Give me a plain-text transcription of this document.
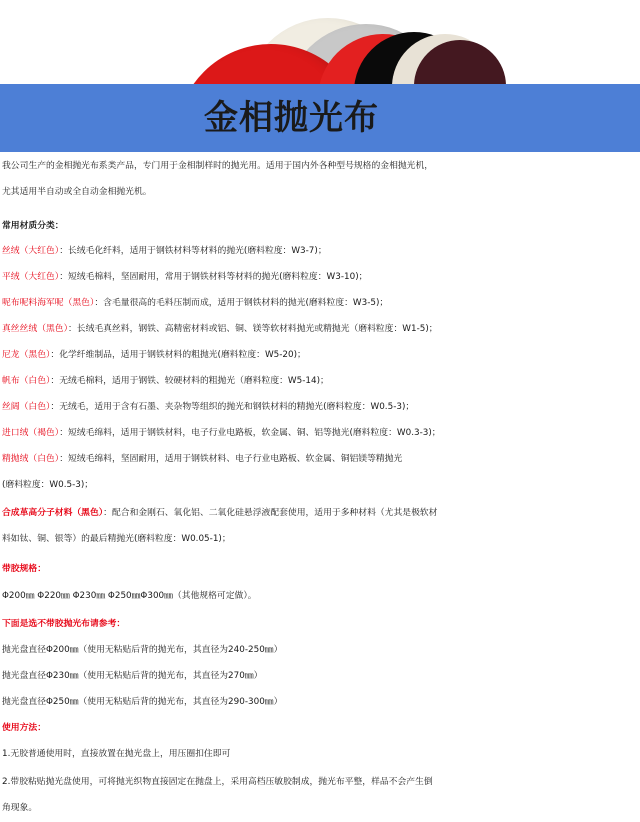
金相抛光布
我公司生产的金相抛光布系类产品，专门用于金相制样时的抛光用。适用于国内外各种型号规格的金相抛光机，
尤其适用半自动或全自动金相抛光机。
常用材质分类：
丝绒（大红色）：长绒毛化纤料，适用于钢铁材料等材料的抛光(磨料粒度：W3-7)；
平绒（大红色）：短绒毛棉料，坚固耐用，常用于钢铁材料等材料的抛光(磨料粒度：W3-10)；
呢布呢料海军呢（黑色）：含毛量很高的毛料压制而成，适用于钢铁材料的抛光(磨料粒度：W3-5)；
真丝丝绒（黑色）：长绒毛真丝料，钢铁、高精密材料或铝、铜、镁等软材料抛光或精抛光（磨料粒度：W1-5)；
尼龙（黑色）：化学纤维制品，适用于钢铁材料的粗抛光(磨料粒度：W5-20)；
帆布（白色）：无绒毛棉料，适用于钢铁、较硬材料的粗抛光（磨料粒度：W5-14)；
丝阔（白色）：无绒毛，适用于含有石墨、夹杂物等组织的抛光和钢铁材料的精抛光(磨料粒度：W0.5-3)；
进口绒（褐色）：短绒毛绵料，适用于钢铁材料，电子行业电路板，软金属、铜、铝等抛光(磨料粒度：W0.3-3)；
精抛绒（白色）：短绒毛绵料，坚固耐用，适用于钢铁材料、电子行业电路板、软金属、铜铝镁等精抛光
(磨料粒度：W0.5-3)；
合成革高分子材料（黑色）：配合和金刚石、氧化铝、二氧化硅悬浮液配套使用，适用于多种材料（尤其是极软材
料如钛、铜、银等）的最后精抛光(磨料粒度：W0.05-1)；
带胶规格：
Φ200㎜ Φ220㎜ Φ230㎜ Φ250㎜Φ300㎜（其他规格可定做）。
下面是选不带胶抛光布请参考：
抛光盘直径Φ200㎜（使用无粘贴后背的抛光布，其直径为240-250㎜）
抛光盘直径Φ230㎜（使用无粘贴后背的抛光布，其直径为270㎜）
抛光盘直径Φ250㎜（使用无粘贴后背的抛光布，其直径为290-300㎜）
使用方法：
1.无胶普通使用时，直接放置在抛光盘上，用压圈扣住即可
2.带胶粘贴抛光盘使用，可将抛光织物直接固定在抛盘上，采用高档压敏胶制成，抛光布平整，样品不会产生倒
角现象。
